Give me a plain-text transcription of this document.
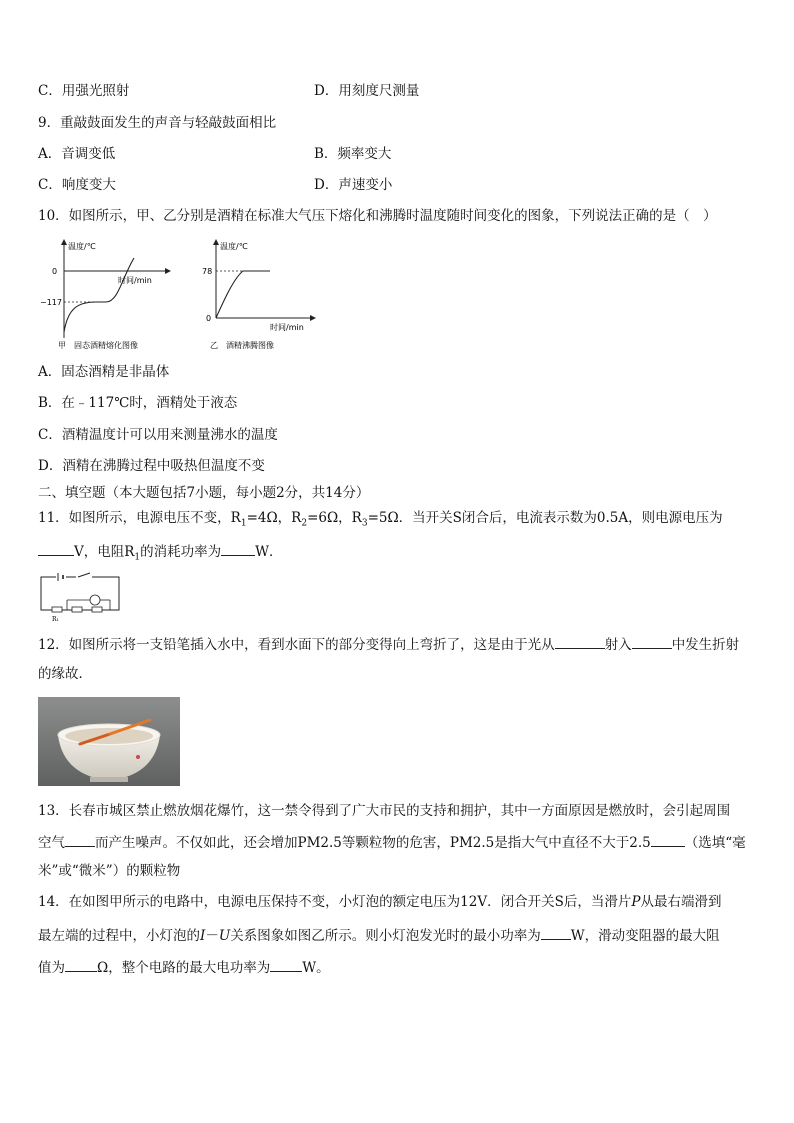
C．用强光照射	D．用刻度尺测量
9．重敲鼓面发生的声音与轻敲鼓面相比
A．音调变低	B．频率变大
C．响度变大	D．声速变小
10．如图所示，甲、乙分别是酒精在标准大气压下熔化和沸腾时温度随时间变化的图象，下列说法正确的是（　）
温度/℃
时间/min
0
−117
甲　固态酒精熔化图像
温度/℃
时间/min
0
78
乙　酒精沸腾图像
A．固态酒精是非晶体
B．在﹣117℃时，酒精处于液态
C．酒精温度计可以用来测量沸水的温度
D．酒精在沸腾过程中吸热但温度不变
二、填空题（本大题包括7小题，每小题2分，共14分）
11．如图所示，电源电压不变，$R_1=4\Omega$，$R_2=6\Omega$，$R_3=5\Omega$．当开关S闭合后，电流表示数为0.5A，则电源电压为
V，电阻$R_1$的消耗功率为	W．
R₁
12．如图所示将一支铅笔插入水中，看到水面下的部分变得向上弯折了，这是由于光从	射入	中发生折射
的缘故．
13．长春市城区禁止燃放烟花爆竹，这一禁令得到了广大市民的支持和拥护，其中一方面原因是燃放时，会引起周围
空气 而产生噪声。不仅如此，还会增加PM2.5等颗粒物的危害，PM2.5是指大气中直径不大于2.5	（选填“毫
米”或“微米”）的颗粒物
14．在如图甲所示的电路中，电源电压保持不变，小灯泡的额定电压为12V．闭合开关S后，当滑片P从最右端滑到
最左端的过程中，小灯泡的I－U关系图象如图乙所示。则小灯泡发光时的最小功率为 W，滑动变阻器的最大阻
值为 Ω，整个电路的最大电功率为 W。
